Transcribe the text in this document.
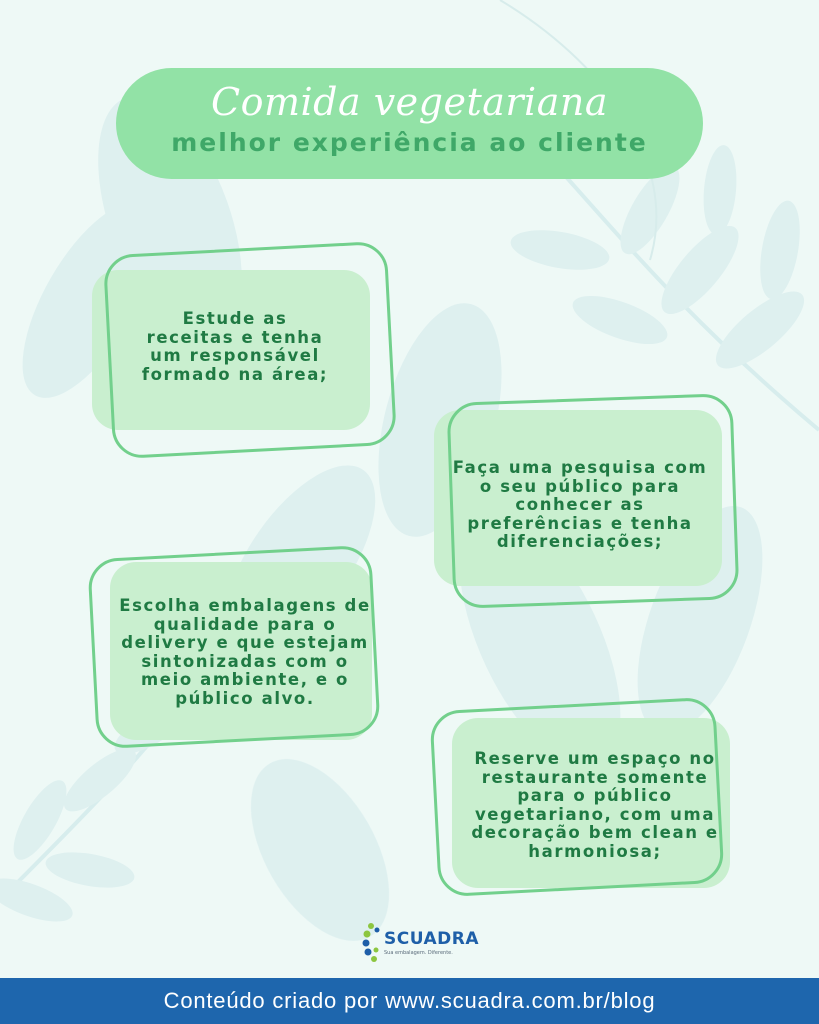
Comida vegetariana
melhor experiência ao cliente
Estude as
receitas e tenha
um responsável
formado na área;
Faça uma pesquisa com
o seu público para
conhecer as
preferências e tenha
diferenciações;
Escolha embalagens de
qualidade para o
delivery e que estejam
sintonizadas com o
meio ambiente, e o
público alvo.
Reserve um espaço no
restaurante somente
para o público
vegetariano, com uma
decoração bem clean e
harmoniosa;
SCUADRA
Sua embalagem. Diferente.
Conteúdo criado por www.scuadra.com.br/blog
